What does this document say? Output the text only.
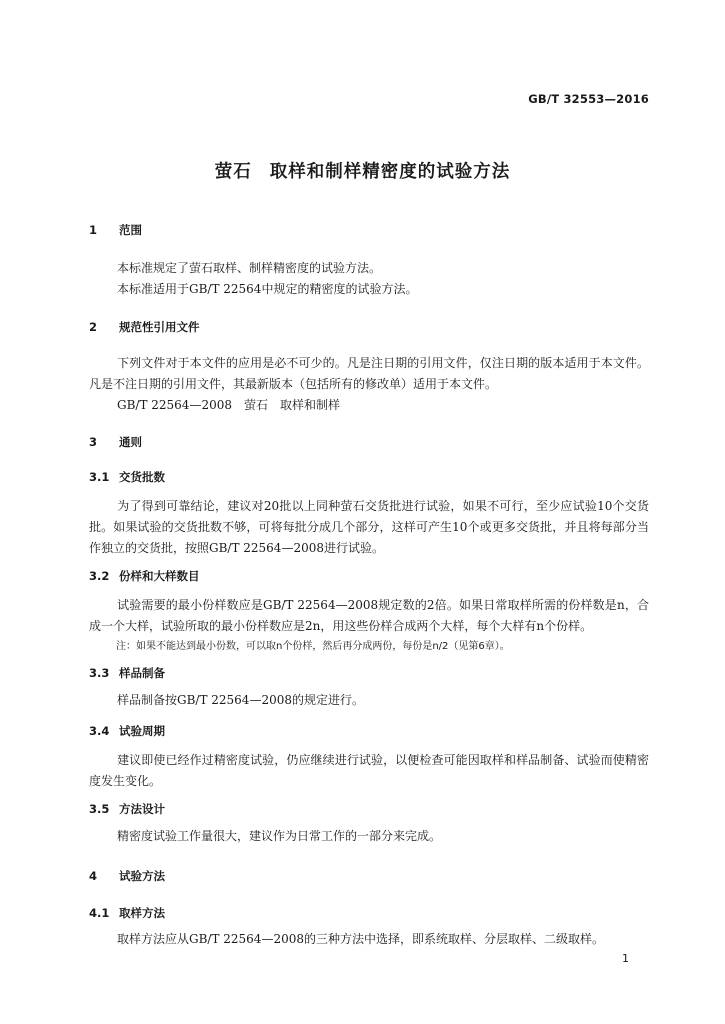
GB/T 32553—2016
萤石 取样和制样精密度的试验方法
1 范围
本标准规定了萤石取样、制样精密度的试验方法。
本标准适用于GB/T 22564中规定的精密度的试验方法。
2 规范性引用文件
下列文件对于本文件的应用是必不可少的。凡是注日期的引用文件，仅注日期的版本适用于本文件。凡是不注日期的引用文件，其最新版本（包括所有的修改单）适用于本文件。
GB/T 22564—2008　萤石　取样和制样
3 通则
3.1 交货批数
为了得到可靠结论，建议对20批以上同种萤石交货批进行试验，如果不可行，至少应试验10个交货批。如果试验的交货批数不够，可将每批分成几个部分，这样可产生10个或更多交货批，并且将每部分当作独立的交货批，按照GB/T 22564—2008进行试验。
3.2 份样和大样数目
试验需要的最小份样数应是GB/T 22564—2008规定数的2倍。如果日常取样所需的份样数是n，合成一个大样，试验所取的最小份样数应是2n，用这些份样合成两个大样，每个大样有n个份样。
注：如果不能达到最小份数，可以取n个份样，然后再分成两份，每份是n/2（见第6章）。
3.3 样品制备
样品制备按GB/T 22564—2008的规定进行。
3.4 试验周期
建议即使已经作过精密度试验，仍应继续进行试验，以便检查可能因取样和样品制备、试验而使精密度发生变化。
3.5 方法设计
精密度试验工作量很大，建议作为日常工作的一部分来完成。
4 试验方法
4.1 取样方法
取样方法应从GB/T 22564—2008的三种方法中选择，即系统取样、分层取样、二级取样。
1
